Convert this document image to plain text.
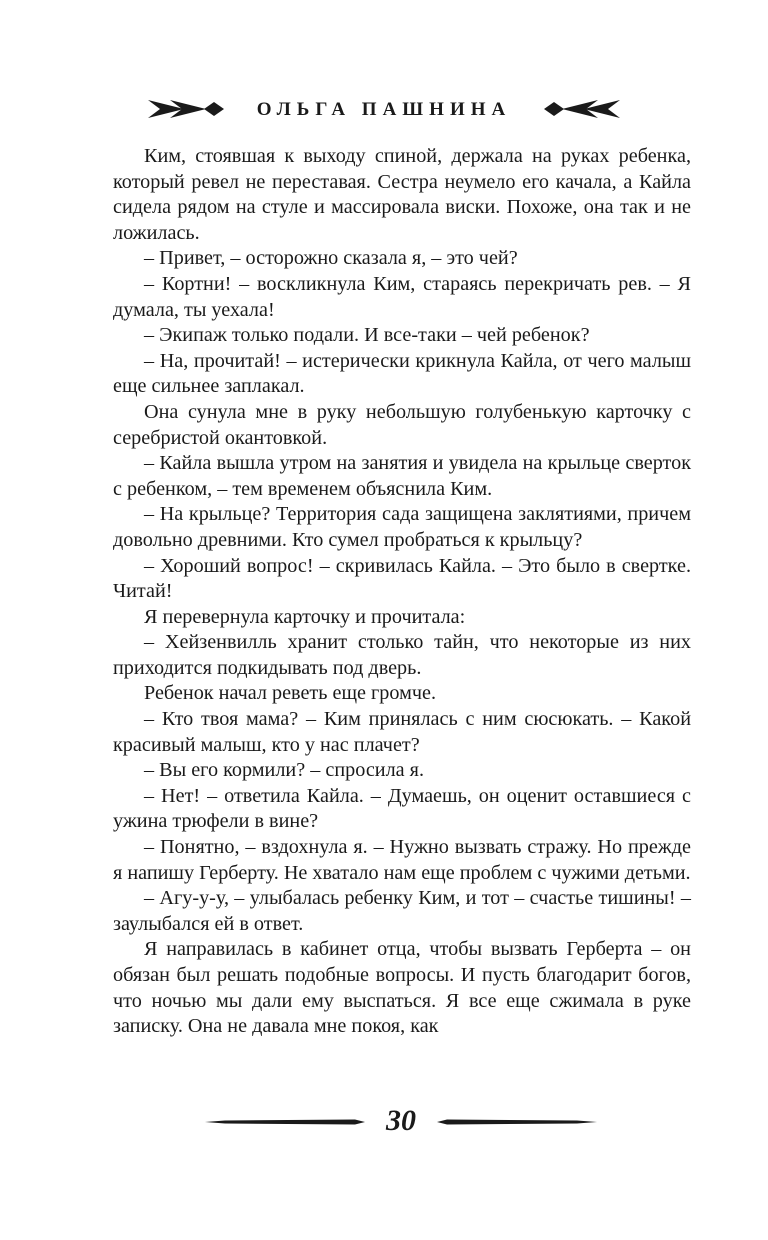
ОЛЬГА ПАШНИНА

Ким, стоявшая к выходу спиной, держала на руках ребенка, который ревел не переставая. Сестра неумело его качала, а Кайла сидела рядом на стуле и массировала виски. Похоже, она так и не ложилась.

– Привет, – осторожно сказала я, – это чей?

– Кортни! – воскликнула Ким, стараясь перекричать рев. – Я думала, ты уехала!

– Экипаж только подали. И все-таки – чей ребенок?

– На, прочитай! – истерически крикнула Кайла, от чего малыш еще сильнее заплакал.

Она сунула мне в руку небольшую голубенькую карточку с серебристой окантовкой.

– Кайла вышла утром на занятия и увидела на крыльце сверток с ребенком, – тем временем объяснила Ким.

– На крыльце? Территория сада защищена заклятиями, причем довольно древними. Кто сумел пробраться к крыльцу?

– Хороший вопрос! – скривилась Кайла. – Это было в свертке. Читай!

Я перевернула карточку и прочитала:

– Хейзенвилль хранит столько тайн, что некоторые из них приходится подкидывать под дверь.

Ребенок начал реветь еще громче.

– Кто твоя мама? – Ким принялась с ним сюсюкать. – Какой красивый малыш, кто у нас плачет?

– Вы его кормили? – спросила я.

– Нет! – ответила Кайла. – Думаешь, он оценит оставшиеся с ужина трюфели в вине?

– Понятно, – вздохнула я. – Нужно вызвать стражу. Но прежде я напишу Герберту. Не хватало нам еще проблем с чужими детьми.

– Агу-у-у, – улыбалась ребенку Ким, и тот – счастье тишины! – заулыбался ей в ответ.

Я направилась в кабинет отца, чтобы вызвать Герберта – он обязан был решать подобные вопросы. И пусть благодарит богов, что ночью мы дали ему выспаться. Я все еще сжимала в руке записку. Она не давала мне покоя, как

30
